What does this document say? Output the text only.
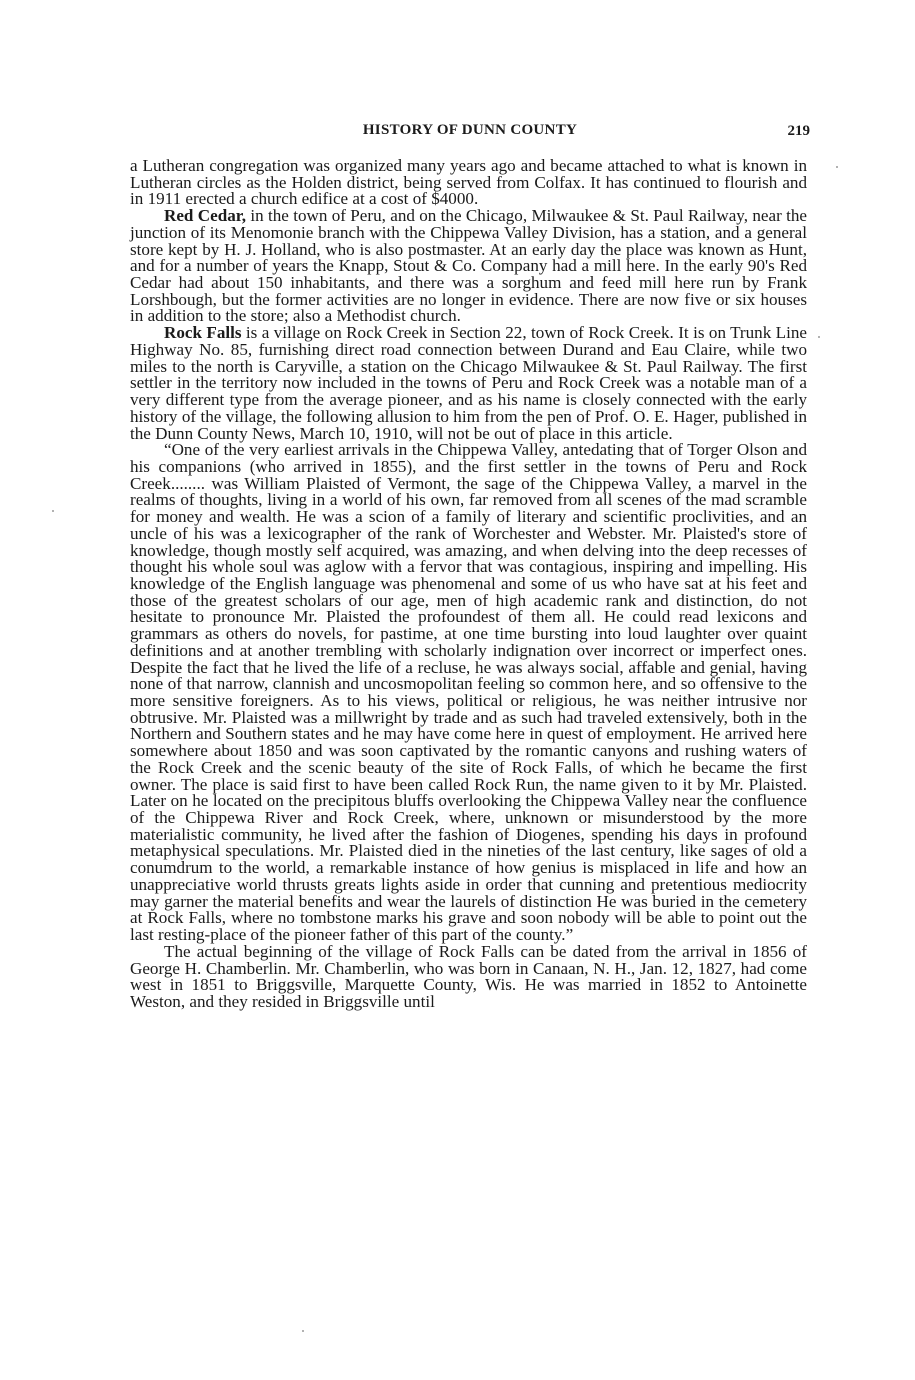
HISTORY OF DUNN COUNTY	219

a Lutheran congregation was organized many years ago and became attached to what is known in Lutheran circles as the Holden district, being served from Colfax. It has continued to flourish and in 1911 erected a church edifice at a cost of $4000.

Red Cedar, in the town of Peru, and on the Chicago, Milwaukee & St. Paul Railway, near the junction of its Menomonie branch with the Chippewa Valley Division, has a station, and a general store kept by H. J. Holland, who is also postmaster. At an early day the place was known as Hunt, and for a number of years the Knapp, Stout & Co. Company had a mill here. In the early 90's Red Cedar had about 150 inhabitants, and there was a sorghum and feed mill here run by Frank Lorshbough, but the former activities are no longer in evidence. There are now five or six houses in addition to the store; also a Methodist church.

Rock Falls is a village on Rock Creek in Section 22, town of Rock Creek. It is on Trunk Line Highway No. 85, furnishing direct road connection between Durand and Eau Claire, while two miles to the north is Caryville, a station on the Chicago Milwaukee & St. Paul Railway. The first settler in the territory now included in the towns of Peru and Rock Creek was a notable man of a very different type from the average pioneer, and as his name is closely connected with the early history of the village, the following allusion to him from the pen of Prof. O. E. Hager, published in the Dunn County News, March 10, 1910, will not be out of place in this article.

“One of the very earliest arrivals in the Chippewa Valley, antedating that of Torger Olson and his companions (who arrived in 1855), and the first settler in the towns of Peru and Rock Creek........ was William Plaisted of Vermont, the sage of the Chippewa Valley, a marvel in the realms of thoughts, living in a world of his own, far removed from all scenes of the mad scramble for money and wealth. He was a scion of a family of literary and scientific proclivities, and an uncle of his was a lexicographer of the rank of Worchester and Webster. Mr. Plaisted's store of knowledge, though mostly self acquired, was amazing, and when delving into the deep recesses of thought his whole soul was aglow with a fervor that was contagious, inspiring and impelling. His knowledge of the English language was phenomenal and some of us who have sat at his feet and those of the greatest scholars of our age, men of high academic rank and distinction, do not hesitate to pronounce Mr. Plaisted the profoundest of them all. He could read lexicons and grammars as others do novels, for pastime, at one time bursting into loud laughter over quaint definitions and at another trembling with scholarly indignation over incorrect or imperfect ones. Despite the fact that he lived the life of a recluse, he was always social, affable and genial, having none of that narrow, clannish and uncosmopolitan feeling so common here, and so offensive to the more sensitive foreigners. As to his views, political or religious, he was neither intrusive nor obtrusive. Mr. Plaisted was a millwright by trade and as such had traveled extensively, both in the Northern and Southern states and he may have come here in quest of employment. He arrived here somewhere about 1850 and was soon captivated by the romantic canyons and rushing waters of the Rock Creek and the scenic beauty of the site of Rock Falls, of which he became the first owner. The place is said first to have been called Rock Run, the name given to it by Mr. Plaisted. Later on he located on the precipitous bluffs overlooking the Chippewa Valley near the confluence of the Chippewa River and Rock Creek, where, unknown or misunderstood by the more materialistic community, he lived after the fashion of Diogenes, spending his days in profound metaphysical speculations. Mr. Plaisted died in the nineties of the last century, like sages of old a conumdrum to the world, a remarkable instance of how genius is misplaced in life and how an unappreciative world thrusts greats lights aside in order that cunning and pretentious mediocrity may garner the material benefits and wear the laurels of distinction He was buried in the cemetery at Rock Falls, where no tombstone marks his grave and soon nobody will be able to point out the last resting-place of the pioneer father of this part of the county.”

The actual beginning of the village of Rock Falls can be dated from the arrival in 1856 of George H. Chamberlin. Mr. Chamberlin, who was born in Canaan, N. H., Jan. 12, 1827, had come west in 1851 to Briggsville, Marquette County, Wis. He was married in 1852 to Antoinette Weston, and they resided in Briggsville until
